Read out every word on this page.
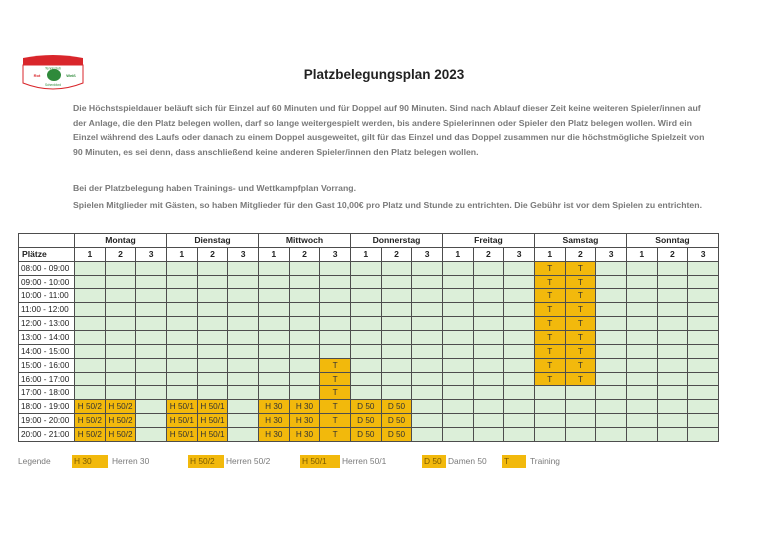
Tennisclub
Rot	Weiß
Schenkford
Platzbelegungsplan 2023

Die Höchstspieldauer beläuft sich für Einzel auf 60 Minuten und für Doppel auf 90 Minuten. Sind nach Ablauf dieser Zeit keine weiteren Spieler/innen auf der Anlage, die den Platz belegen wollen, darf so lange weitergespielt werden, bis andere Spielerinnen oder Spieler den Platz belegen wollen. Wird ein Einzel während des Laufs oder danach zu einem Doppel ausgeweitet, gilt für das Einzel und das Doppel zusammen nur die höchstmögliche Spielzeit von 90 Minuten, es sei denn, dass anschließend keine anderen Spieler/innen den Platz belegen wollen.

Bei der Platzbelegung haben Trainings- und Wettkampfplan Vorrang.

Spielen Mitglieder mit Gästen, so haben Mitglieder für den Gast 10,00€ pro Platz und Stunde zu entrichten. Die Gebühr ist vor dem Spielen zu entrichten.

	Montag			Dienstag			Mittwoch			Donnerstag			Freitag			Samstag			Sonntag		
Plätze	1	2	3	1	2	3	1	2	3	1	2	3	1	2	3	1	2	3	1	2	3
08:00 - 09:00																T	T				
09:00 - 10:00																T	T				
10:00 - 11:00																T	T				
11:00 - 12:00																T	T				
12:00 - 13:00																T	T				
13:00 - 14:00																T	T				
14:00 - 15:00																T	T				
15:00 - 16:00									T							T	T				
16:00 - 17:00									T							T	T				
17:00 - 18:00									T												
18:00 - 19:00	H 50/2	H 50/2		H 50/1	H 50/1		H 30	H 30	T	D 50	D 50										
19:00 - 20:00	H 50/2	H 50/2		H 50/1	H 50/1		H 30	H 30	T	D 50	D 50										
20:00 - 21:00	H 50/2	H 50/2		H 50/1	H 50/1		H 30	H 30	T	D 50	D 50										
Legende	H 30	Herren 30	H 50/2	Herren 50/2	H 50/1	Herren 50/1	D 50 Damen 50 T	Training
